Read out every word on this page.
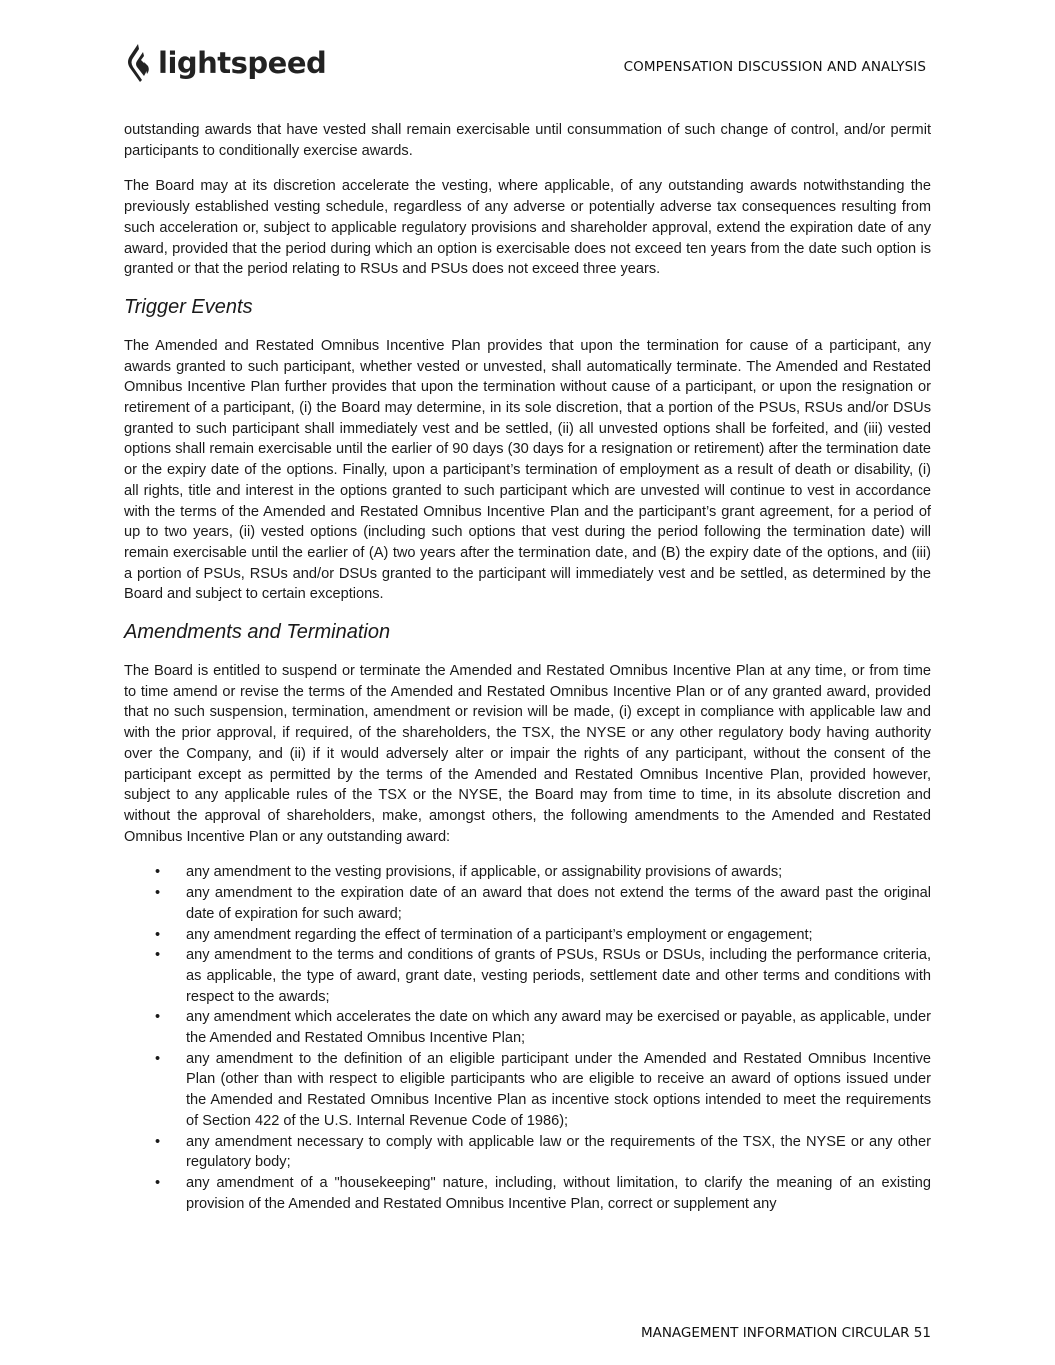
lightspeed	COMPENSATION DISCUSSION AND ANALYSIS

outstanding awards that have vested shall remain exercisable until consummation of such change of control, and/or permit participants to conditionally exercise awards.

The Board may at its discretion accelerate the vesting, where applicable, of any outstanding awards notwithstanding the previously established vesting schedule, regardless of any adverse or potentially adverse tax consequences resulting from such acceleration or, subject to applicable regulatory provisions and shareholder approval, extend the expiration date of any award, provided that the period during which an option is exercisable does not exceed ten years from the date such option is granted or that the period relating to RSUs and PSUs does not exceed three years.

Trigger Events

The Amended and Restated Omnibus Incentive Plan provides that upon the termination for cause of a participant, any awards granted to such participant, whether vested or unvested, shall automatically terminate. The Amended and Restated Omnibus Incentive Plan further provides that upon the termination without cause of a participant, or upon the resignation or retirement of a participant, (i) the Board may determine, in its sole discretion, that a portion of the PSUs, RSUs and/or DSUs granted to such participant shall immediately vest and be settled, (ii) all unvested options shall be forfeited, and (iii) vested options shall remain exercisable until the earlier of 90 days (30 days for a resignation or retirement) after the termination date or the expiry date of the options. Finally, upon a participant’s termination of employment as a result of death or disability, (i) all rights, title and interest in the options granted to such participant which are unvested will continue to vest in accordance with the terms of the Amended and Restated Omnibus Incentive Plan and the participant’s grant agreement, for a period of up to two years, (ii) vested options (including such options that vest during the period following the termination date) will remain exercisable until the earlier of (A) two years after the termination date, and (B) the expiry date of the options, and (iii) a portion of PSUs, RSUs and/or DSUs granted to the participant will immediately vest and be settled, as determined by the Board and subject to certain exceptions.

Amendments and Termination

The Board is entitled to suspend or terminate the Amended and Restated Omnibus Incentive Plan at any time, or from time to time amend or revise the terms of the Amended and Restated Omnibus Incentive Plan or of any granted award, provided that no such suspension, termination, amendment or revision will be made, (i) except in compliance with applicable law and with the prior approval, if required, of the shareholders, the TSX, the NYSE or any other regulatory body having authority over the Company, and (ii) if it would adversely alter or impair the rights of any participant, without the consent of the participant except as permitted by the terms of the Amended and Restated Omnibus Incentive Plan, provided however, subject to any applicable rules of the TSX or the NYSE, the Board may from time to time, in its absolute discretion and without the approval of shareholders, make, amongst others, the following amendments to the Amended and Restated Omnibus Incentive Plan or any outstanding award:

• any amendment to the vesting provisions, if applicable, or assignability provisions of awards;
• any amendment to the expiration date of an award that does not extend the terms of the award past the original date of expiration for such award;
• any amendment regarding the effect of termination of a participant’s employment or engagement;
• any amendment to the terms and conditions of grants of PSUs, RSUs or DSUs, including the performance criteria, as applicable, the type of award, grant date, vesting periods, settlement date and other terms and conditions with respect to the awards;
• any amendment which accelerates the date on which any award may be exercised or payable, as applicable, under the Amended and Restated Omnibus Incentive Plan;
• any amendment to the definition of an eligible participant under the Amended and Restated Omnibus Incentive Plan (other than with respect to eligible participants who are eligible to receive an award of options issued under the Amended and Restated Omnibus Incentive Plan as incentive stock options intended to meet the requirements of Section 422 of the U.S. Internal Revenue Code of 1986);
• any amendment necessary to comply with applicable law or the requirements of the TSX, the NYSE or any other regulatory body;
• any amendment of a "housekeeping" nature, including, without limitation, to clarify the meaning of an existing provision of the Amended and Restated Omnibus Incentive Plan, correct or supplement any
MANAGEMENT INFORMATION CIRCULAR 51
